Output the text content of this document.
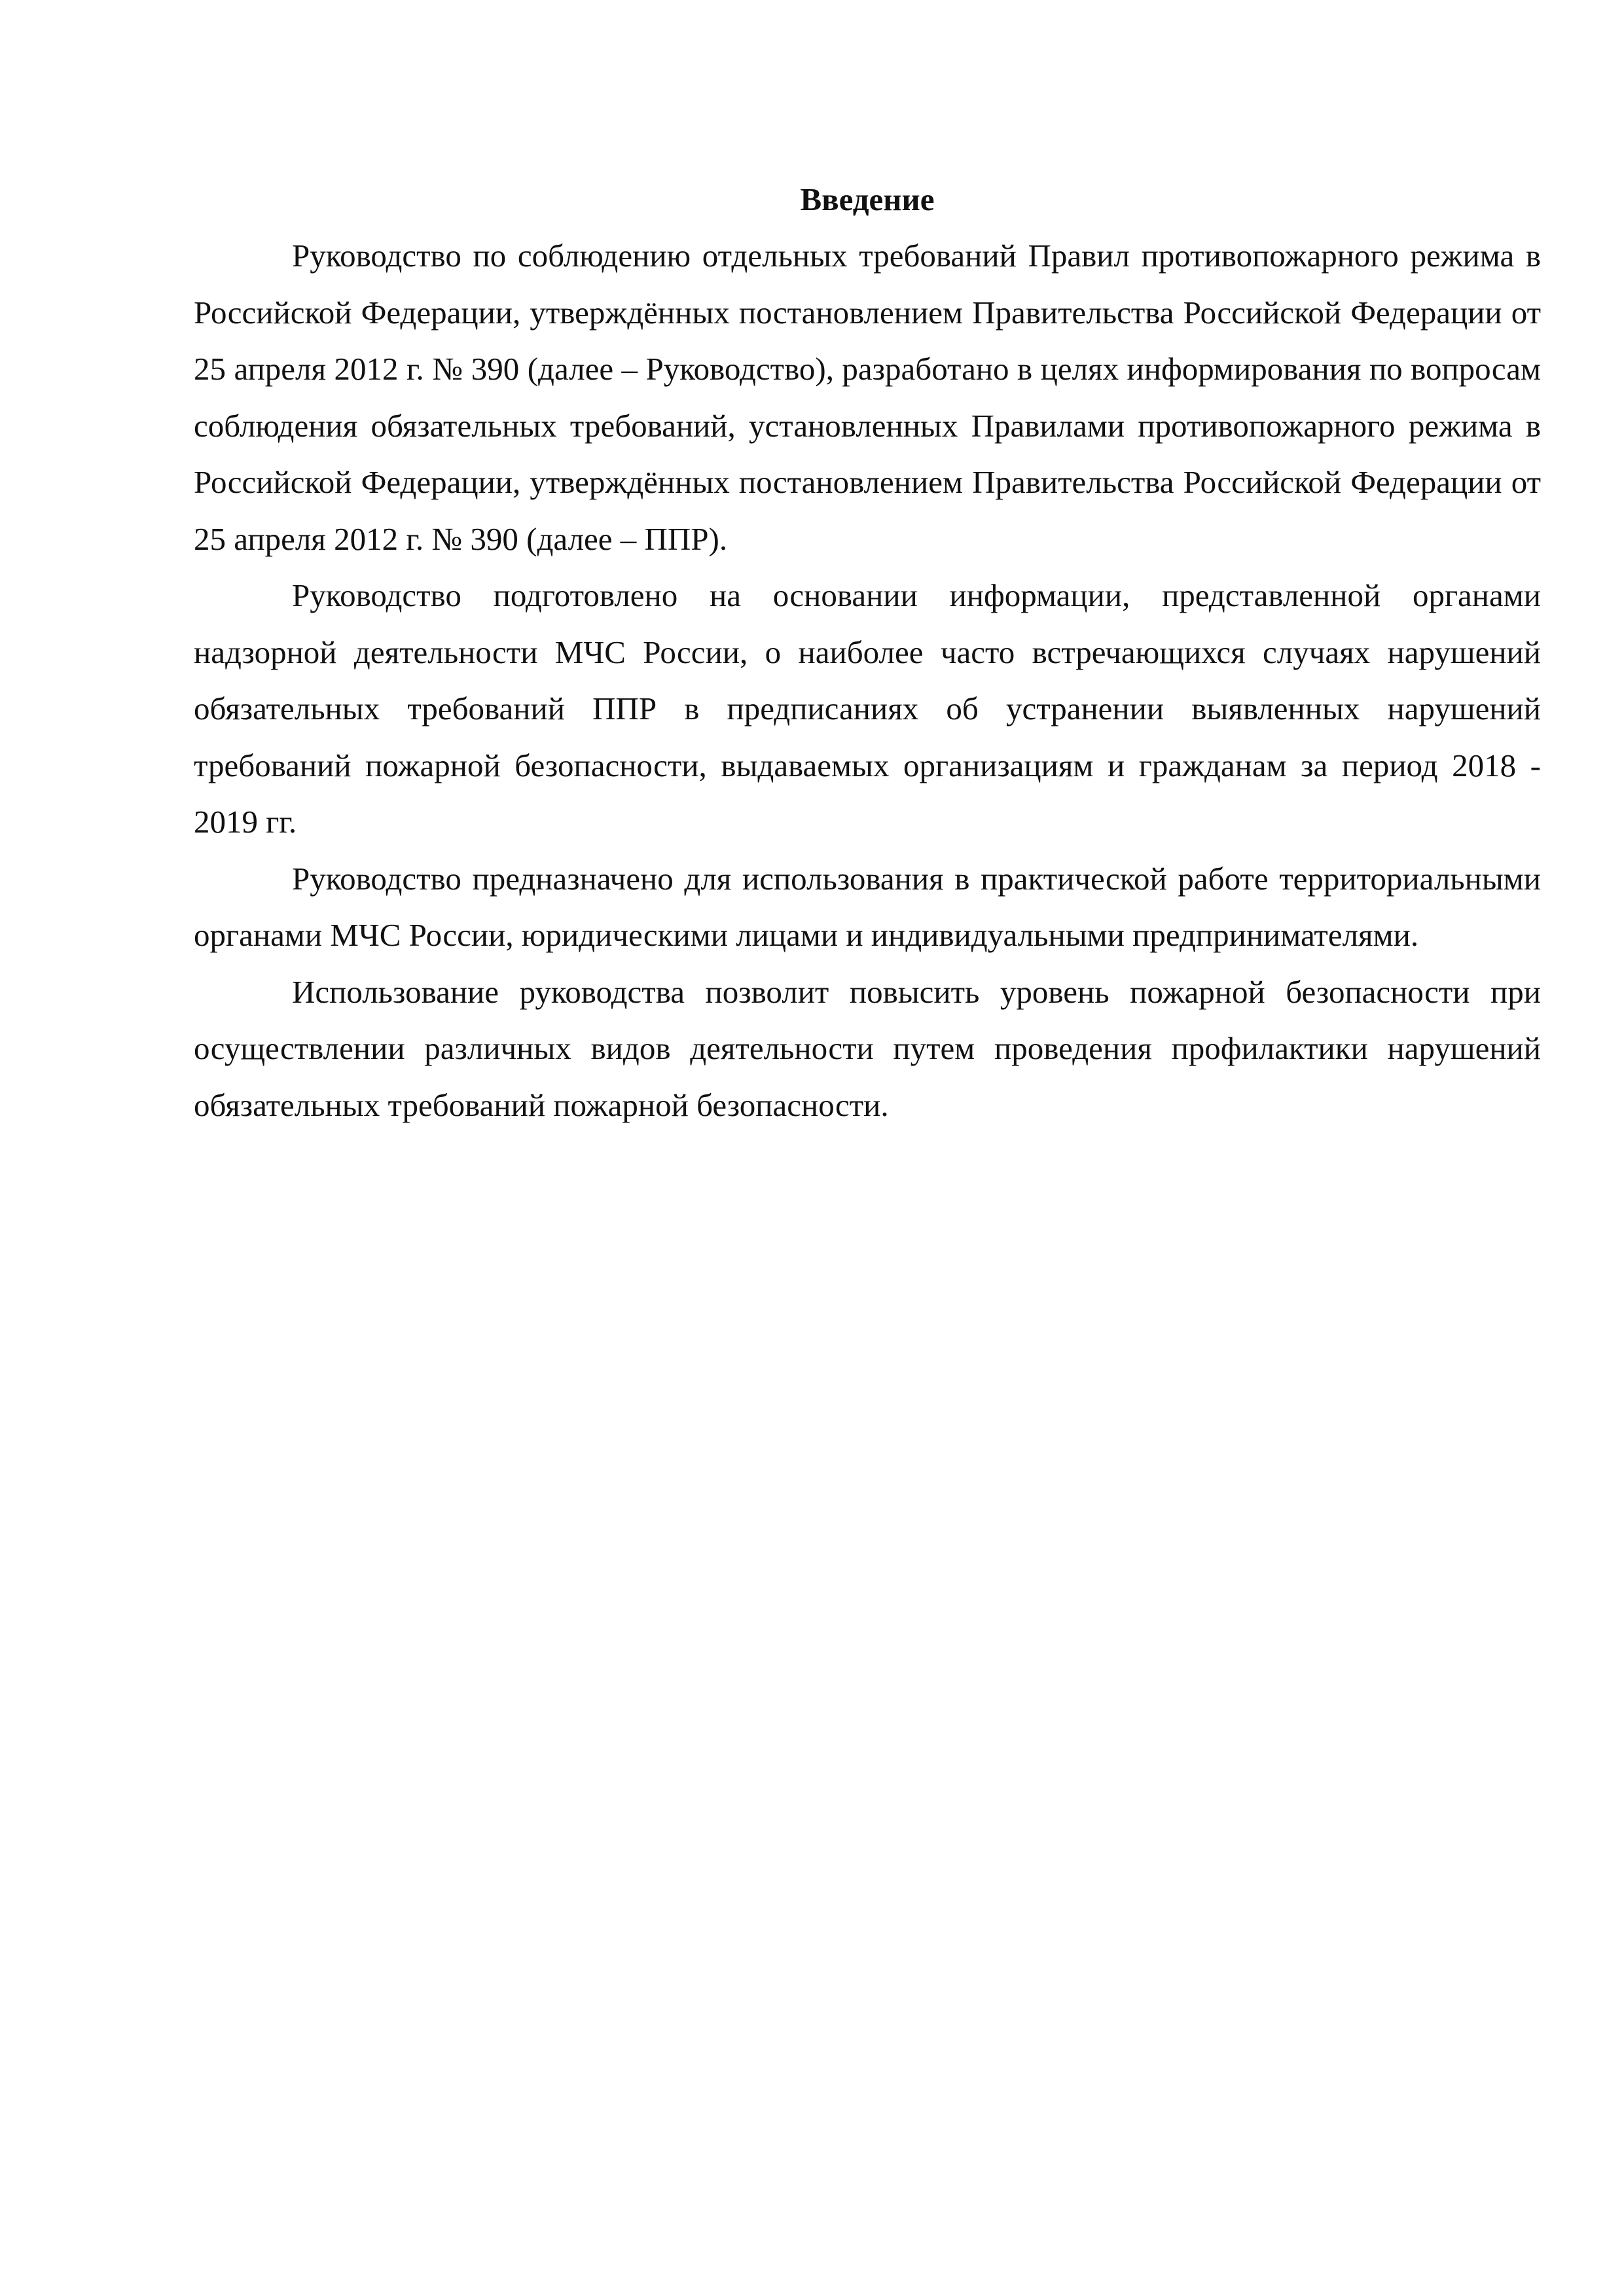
Введение

Руководство по соблюдению отдельных требований Правил противопожарного режима в Российской Федерации, утверждённых постановлением Правительства Российской Федерации от 25 апреля 2012 г. № 390 (далее – Руководство), разработано в целях информирования по вопросам соблюдения обязательных требований, установленных Правилами противопожарного режима в Российской Федерации, утверждённых постановлением Правительства Российской Федерации от 25 апреля 2012 г. № 390 (далее – ППР).

Руководство подготовлено на основании информации, представленной органами надзорной деятельности МЧС России, о наиболее часто встречающихся случаях нарушений обязательных требований ППР в предписаниях об устранении выявленных нарушений требований пожарной безопасности, выдаваемых организациям и гражданам за период 2018 - 2019 гг.

Руководство предназначено для использования в практической работе территориальными органами МЧС России, юридическими лицами и индивидуальными предпринимателями.

Использование руководства позволит повысить уровень пожарной безопасности при осуществлении различных видов деятельности путем проведения профилактики нарушений обязательных требований пожарной безопасности.
